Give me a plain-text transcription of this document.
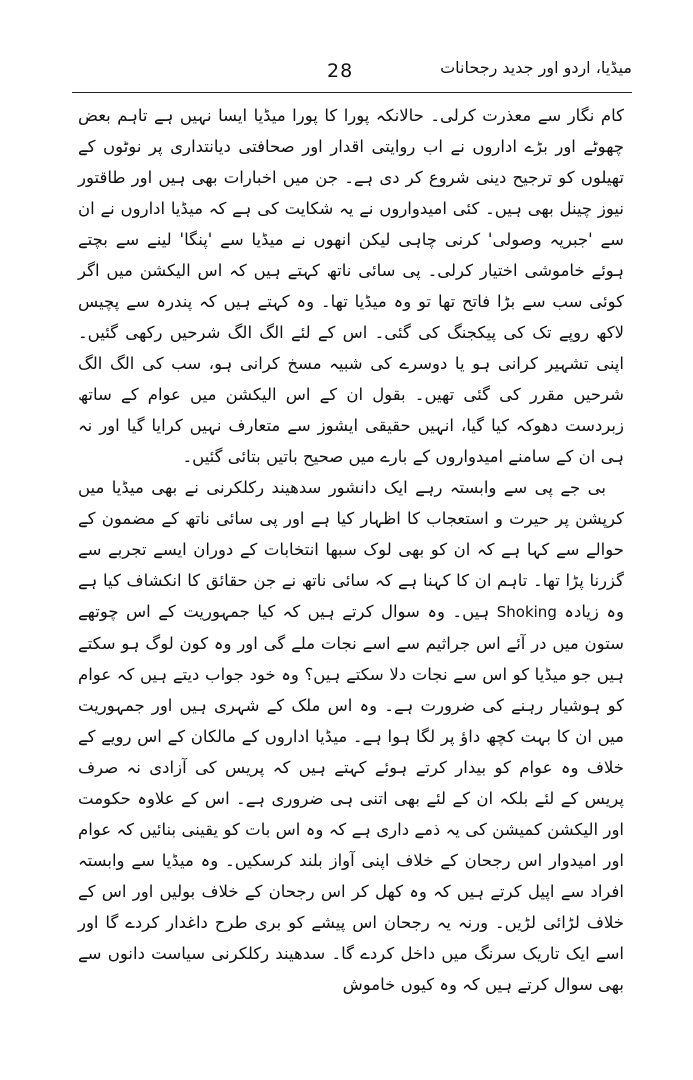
28	میڈیا، اردو اور جدید رجحانات

کام نگار سے معذرت کرلی۔ حالانکہ پورا کا پورا میڈیا ایسا نہیں ہے تاہم بعض چھوٹے اور بڑے اداروں نے اب روایتی اقدار اور صحافتی دیانتداری پر نوٹوں کے تھیلوں کو ترجیح دینی شروع کر دی ہے۔ جن میں اخبارات بھی ہیں اور طاقتور نیوز چینل بھی ہیں۔ کئی امیدواروں نے یہ شکایت کی ہے کہ میڈیا اداروں نے ان سے 'جبریہ وصولی' کرنی چاہی لیکن انھوں نے میڈیا سے 'پنگا' لینے سے بچتے ہوئے خاموشی اختیار کرلی۔ پی سائی ناتھ کہتے ہیں کہ اس الیکشن میں اگر کوئی سب سے بڑا فاتح تھا تو وہ میڈیا تھا۔ وہ کہتے ہیں کہ پندرہ سے پچیس لاکھ روپے تک کی پیکجنگ کی گئی۔ اس کے لئے الگ الگ شرحیں رکھی گئیں۔ اپنی تشہیر کرانی ہو یا دوسرے کی شبیہ مسخ کرانی ہو، سب کی الگ الگ شرحیں مقرر کی گئی تھیں۔ بقول ان کے اس الیکشن میں عوام کے ساتھ زبردست دھوکہ کیا گیا، انہیں حقیقی ایشوز سے متعارف نہیں کرایا گیا اور نہ ہی ان کے سامنے امیدواروں کے بارے میں صحیح باتیں بتائی گئیں۔

بی جے پی سے وابستہ رہے ایک دانشور سدھیند رکلکرنی نے بھی میڈیا میں کرپشن پر حیرت و استعجاب کا اظہار کیا ہے اور پی سائی ناتھ کے مضمون کے حوالے سے کہا ہے کہ ان کو بھی لوک سبھا انتخابات کے دوران ایسے تجربے سے گزرنا پڑا تھا۔ تاہم ان کا کہنا ہے کہ سائی ناتھ نے جن حقائق کا انکشاف کیا ہے وہ زیادہ Shoking ہیں۔ وہ سوال کرتے ہیں کہ کیا جمہوریت کے اس چوتھے ستون میں در آئے اس جراثیم سے اسے نجات ملے گی اور وہ کون لوگ ہو سکتے ہیں جو میڈیا کو اس سے نجات دلا سکتے ہیں؟ وہ خود جواب دیتے ہیں کہ عوام کو ہوشیار رہنے کی ضرورت ہے۔ وہ اس ملک کے شہری ہیں اور جمہوریت میں ان کا بہت کچھ داؤ پر لگا ہوا ہے۔ میڈیا اداروں کے مالکان کے اس رویے کے خلاف وہ عوام کو بیدار کرتے ہوئے کہتے ہیں کہ پریس کی آزادی نہ صرف پریس کے لئے بلکہ ان کے لئے بھی اتنی ہی ضروری ہے۔ اس کے علاوہ حکومت اور الیکشن کمیشن کی یہ ذمے داری ہے کہ وہ اس بات کو یقینی بنائیں کہ عوام اور امیدوار اس رجحان کے خلاف اپنی آواز بلند کرسکیں۔ وہ میڈیا سے وابستہ افراد سے اپیل کرتے ہیں کہ وہ کھل کر اس رجحان کے خلاف بولیں اور اس کے خلاف لڑائی لڑیں۔ ورنہ یہ رجحان اس پیشے کو بری طرح داغدار کردے گا اور اسے ایک تاریک سرنگ میں داخل کردے گا۔ سدھیند رکلکرنی سیاست دانوں سے بھی سوال کرتے ہیں کہ وہ کیوں خاموش
